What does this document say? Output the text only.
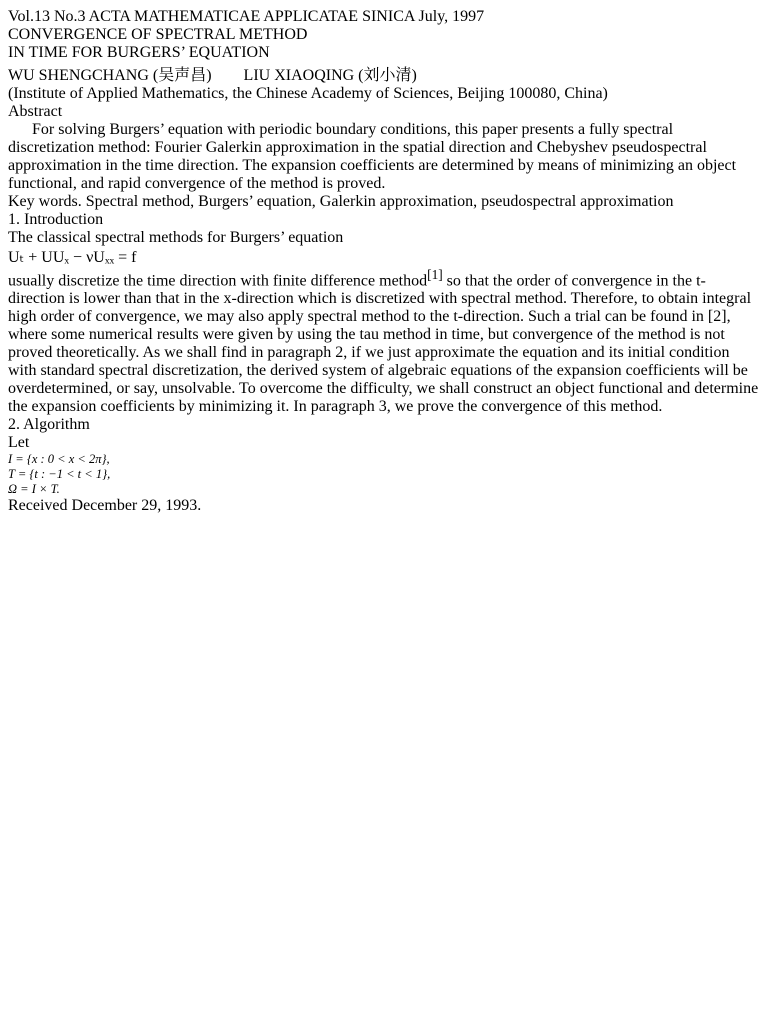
Vol.13 No.3 ACTA MATHEMATICAE APPLICATAE SINICA July, 1997
CONVERGENCE OF SPECTRAL METHOD
IN TIME FOR BURGERS’ EQUATION
WU SHENGCHANG (吴声昌)        LIU XIAOQING (刘小清)
(Institute of Applied Mathematics, the Chinese Academy of Sciences, Beijing 100080, China)
Abstract
For solving Burgers’ equation with periodic boundary conditions, this paper presents a fully spectral discretization method: Fourier Galerkin approximation in the spatial direction and Chebyshev pseudospectral approximation in the time direction. The expansion coefficients are determined by means of minimizing an object functional, and rapid convergence of the method is proved.
Key words. Spectral method, Burgers’ equation, Galerkin approximation, pseudospectral approximation
1. Introduction
The classical spectral methods for Burgers’ equation
Uₜ + UUₓ − νUₓₓ = f
usually discretize the time direction with finite difference method[1] so that the order of convergence in the t-direction is lower than that in the x-direction which is discretized with spectral method. Therefore, to obtain integral high order of convergence, we may also apply spectral method to the t-direction. Such a trial can be found in [2], where some numerical results were given by using the tau method in time, but convergence of the method is not proved theoretically. As we shall find in paragraph 2, if we just approximate the equation and its initial condition with standard spectral discretization, the derived system of algebraic equations of the expansion coefficients will be overdetermined, or say, unsolvable. To overcome the difficulty, we shall construct an object functional and determine the expansion coefficients by minimizing it. In paragraph 3, we prove the convergence of this method.
2. Algorithm
Let
I = {x : 0 < x < 2π},
T = {t : −1 < t < 1},
Ω = I × T.
Received December 29, 1993.
